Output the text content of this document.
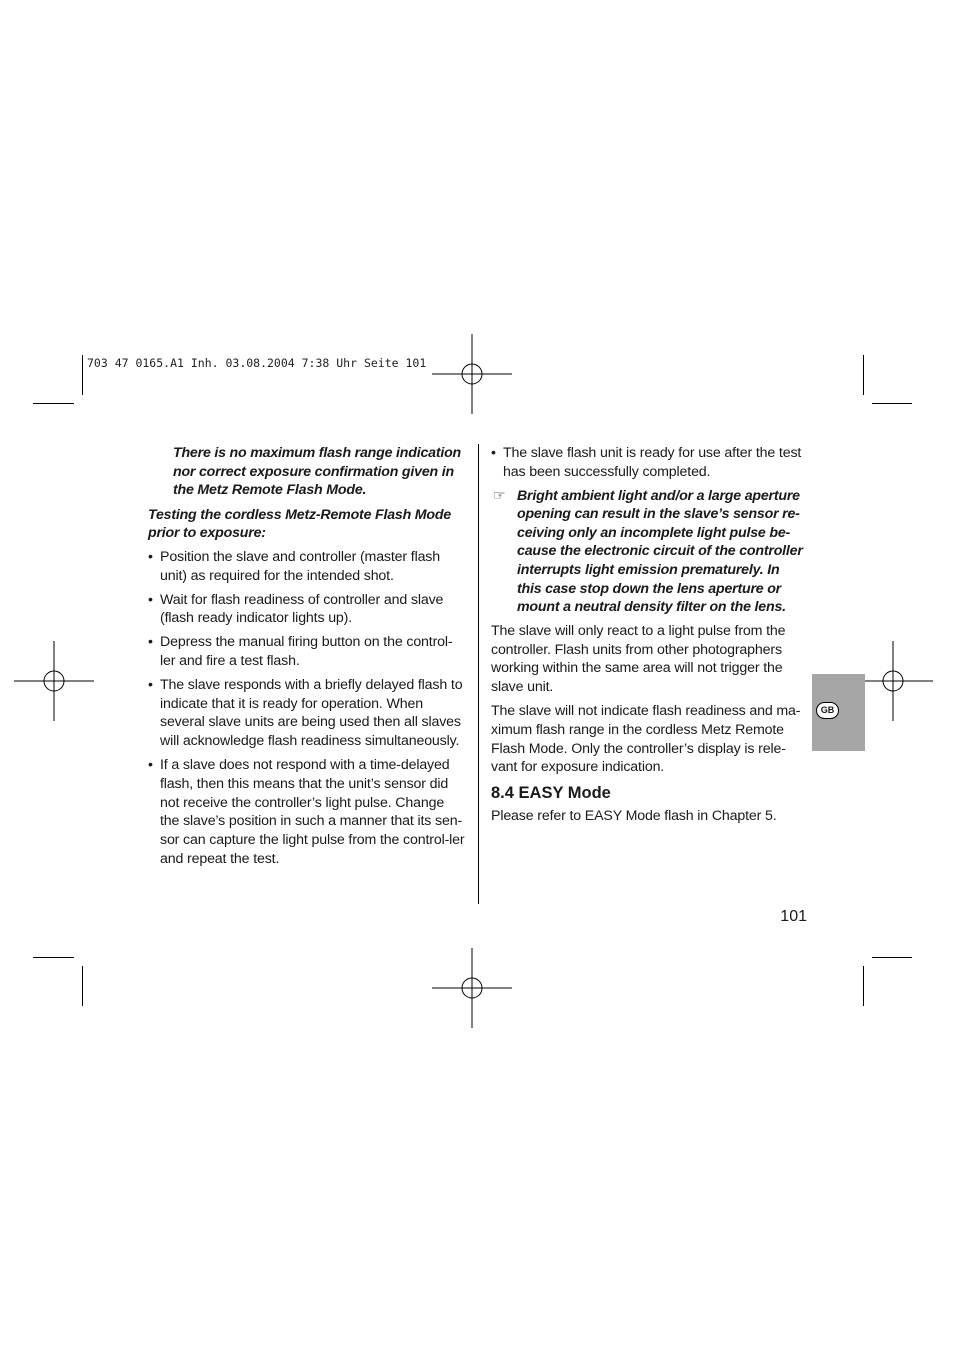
703 47 0165.A1 Inh. 03.08.2004 7:38 Uhr Seite 101
There is no maximum flash range indication nor correct exposure confirmation given in the Metz Remote Flash Mode.
Testing the cordless Metz-Remote Flash Mode prior to exposure:
• Position the slave and controller (master flash unit) as required for the intended shot.
• Wait for flash readiness of controller and slave (flash ready indicator lights up).
• Depress the manual firing button on the control-ler and fire a test flash.
• The slave responds with a briefly delayed flash to indicate that it is ready for operation. When several slave units are being used then all slaves will acknowledge flash readiness simultaneously.
• If a slave does not respond with a time-delayed flash, then this means that the unit’s sensor did not receive the controller’s light pulse. Change the slave’s position in such a manner that its sen-sor can capture the light pulse from the control-ler and repeat the test.
• The slave flash unit is ready for use after the test has been successfully completed.
☞ Bright ambient light and/or a large aperture opening can result in the slave’s sensor re-ceiving only an incomplete light pulse be-cause the electronic circuit of the controller interrupts light emission prematurely. In this case stop down the lens aperture or mount a neutral density filter on the lens.
The slave will only react to a light pulse from the controller. Flash units from other photographers working within the same area will not trigger the slave unit.
The slave will not indicate flash readiness and ma-ximum flash range in the cordless Metz Remote Flash Mode. Only the controller’s display is rele-vant for exposure indication.
8.4 EASY Mode
Please refer to EASY Mode flash in Chapter 5.
GB
101
